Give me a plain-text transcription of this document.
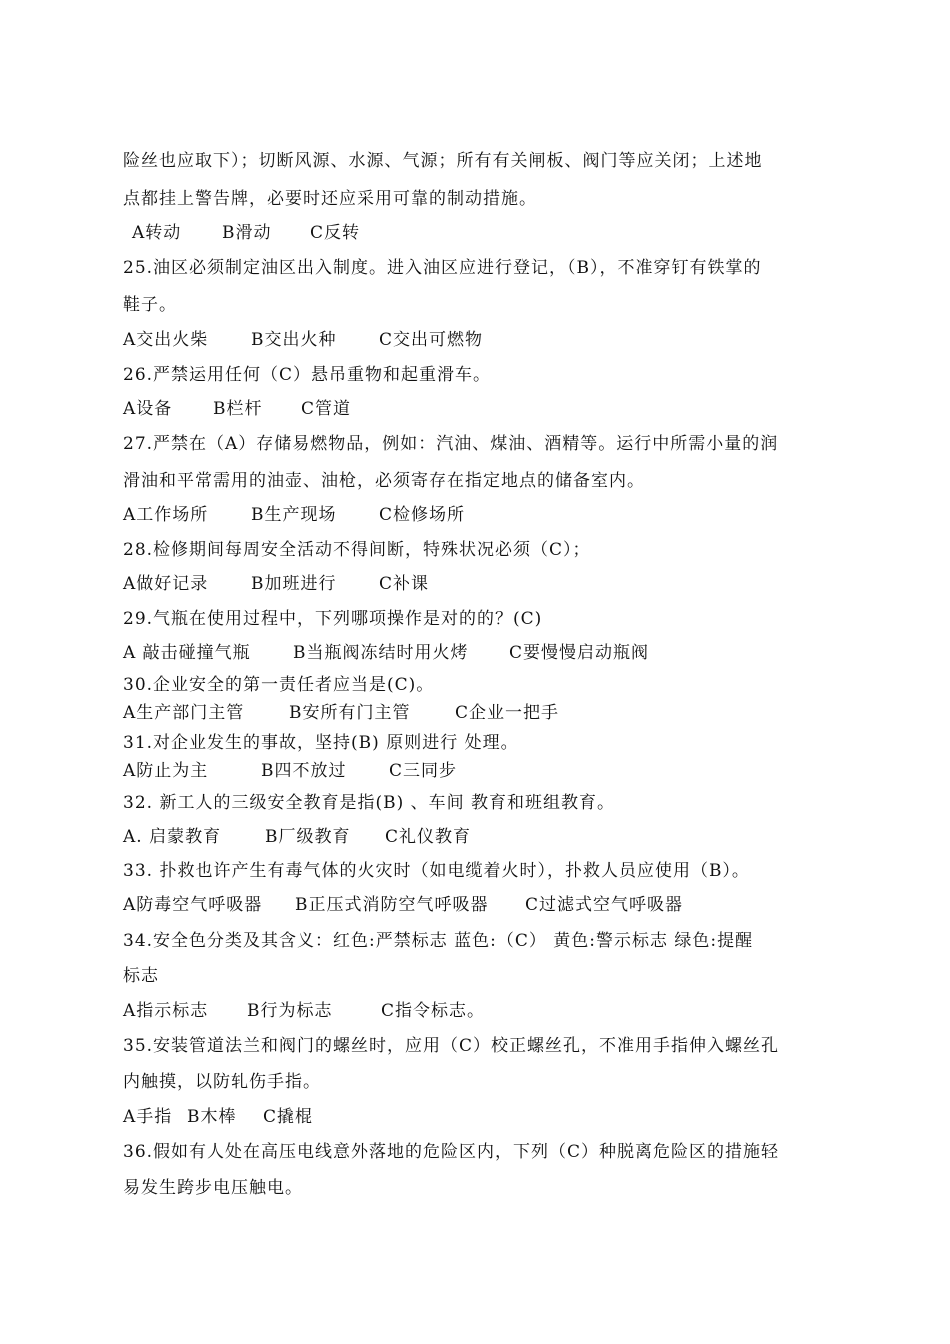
险丝也应取下）；切断风源、水源、气源；所有有关闸板、阀门等应关闭；上述地
点都挂上警告牌，必要时还应采用可靠的制动措施。
A转动 B滑动 C反转
25.油区必须制定油区出入制度。进入油区应进行登记，（B），不准穿钉有铁掌的
鞋子。
A交出火柴	B交出火种	C交出可燃物
26.严禁运用任何（C）悬吊重物和起重滑车。
A设备 B栏杆 C管道
27.严禁在（A）存储易燃物品，例如：汽油、煤油、酒精等。运行中所需小量的润
滑油和平常需用的油壶、油枪，必须寄存在指定地点的储备室内。
A工作场所	B生产现场	C检修场所
28.检修期间每周安全活动不得间断，特殊状况必须（C）；
A做好记录	B加班进行	C补课
29.气瓶在使用过程中，下列哪项操作是对的的？(C)
A 敲击碰撞气瓶 B当瓶阀冻结时用火烤 C要慢慢启动瓶阀
30.企业安全的第一责任者应当是(C)。
A生产部门主管	B安所有门主管	C企业一把手
31.对企业发生的事故，坚持(B) 原则进行 处理。
A防止为主	B四不放过	C三同步
32. 新工人的三级安全教育是指(B) 、车间 教育和班组教育。
A. 启蒙教育	B厂级教育 C礼仪教育
33. 扑救也许产生有毒气体的火灾时（如电缆着火时），扑救人员应使用（B）。
A防毒空气呼吸器 B正压式消防空气呼吸器 C过滤式空气呼吸器
34.安全色分类及其含义：红色:严禁标志 蓝色:（C） 黄色:警示标志 绿色:提醒
标志
A指示标志 B行为标志	C指令标志。
35.安装管道法兰和阀门的螺丝时，应用（C）校正螺丝孔，不准用手指伸入螺丝孔
内触摸，以防轧伤手指。
A手指 B木棒 C撬棍
36.假如有人处在高压电线意外落地的危险区内，下列（C）种脱离危险区的措施轻
易发生跨步电压触电。
